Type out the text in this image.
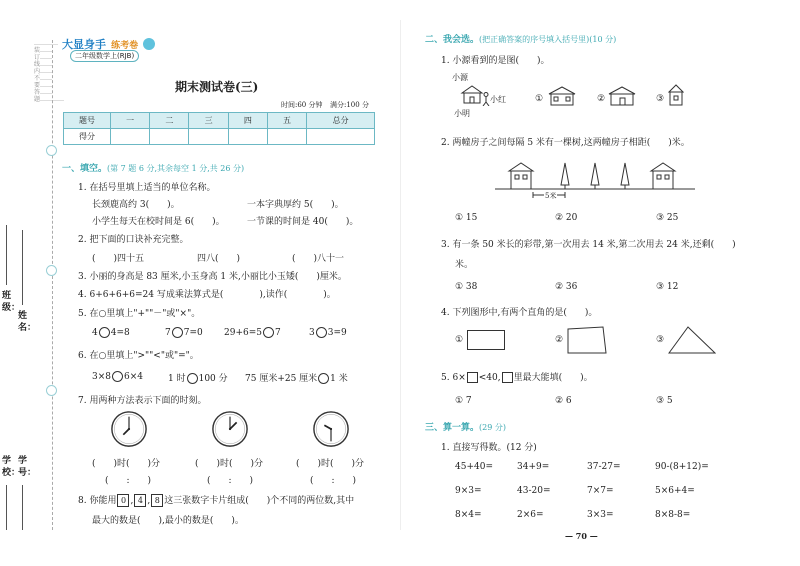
…………装……订……线……内……不……要……答……题…………
班级：
姓名：
学校：
学号：
大显身手 练考卷
二年级数学上(RJB)
期末测试卷(三)
时间:60 分钟 满分:100 分
题号	一	二	三	四	五	总分
得分						
一、填空。(第 7 题 6 分,其余每空 1 分,共 26 分)
1. 在括号里填上适当的单位名称。
长颈鹿高约 3(　　)。	一本字典厚约 5(　　)。
小学生每天在校时间是 6(　　)。 一节课的时间是 40(　　)。
2. 把下面的口诀补充完整。
(　　)四十五	四八(　　)	(　　)八十一
3. 小丽的身高是 83 厘米,小玉身高 1 米,小丽比小玉矮(　　)厘米。
4. 6+6+6+6=24 写成乘法算式是(　　　　),读作(　　　　)。
5. 在○里填上"+""－"或"×"。
4 4=8	7 7=0 29+6=5 7	3 3=9
6. 在○里填上">""<"或"="。
3×8 6×4	1 时 100 分 75 厘米+25 厘米 1 米
7. 用两种方法表示下面的时刻。
(　　)时(　　)分	(　　)时(　　)分	(　　)时(　　)分
(　　:　　)	(　　:　　)	(　　:　　)
8. 你能用 0 , 4 , 8 这三张数字卡片组成(　　)个不同的两位数,其中
最大的数是(　　),最小的数是(　　)。
二、我会选。(把正确答案的序号填入括号里)(10 分)
1. 小源看到的是图(　　)。
小源
小红
小明
①	②	③
2. 两幢房子之间每隔 5 米有一棵树,这两幢房子相距(　　)米。
5米
① 15	② 20	③ 25
3. 有一条 50 米长的彩带,第一次用去 14 米,第二次用去 24 米,还剩(　　)
米。
① 38	② 36	③ 12
4. 下列图形中,有两个直角的是(　　)。
①	②	③
5. 6× <40, 里最大能填(　　)。
① 7	② 6	③ 5
三、算一算。(29 分)
1. 直接写得数。(12 分)
45+40=	34+9=	37-27=	90-(8+12)=
9×3=	43-20=	7×7=	5×6+4=
8×4=	2×6=	3×3=	8×8-8=
— 70 —
